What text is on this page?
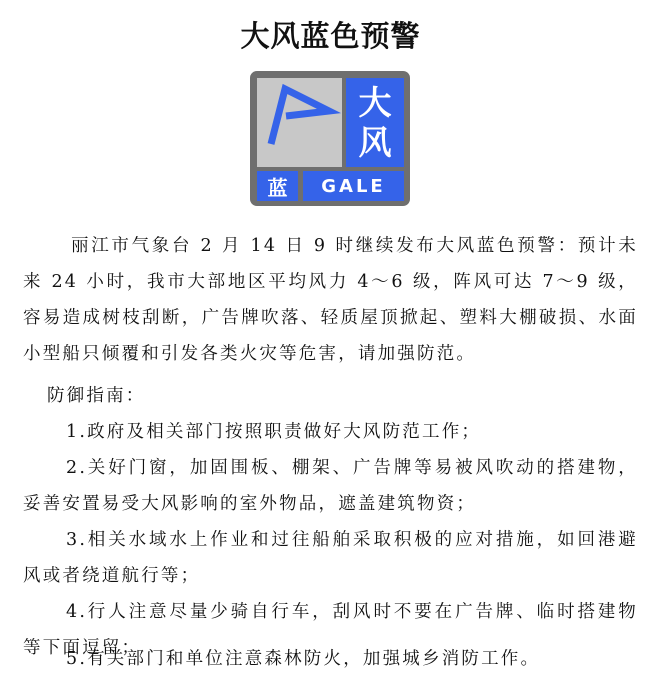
大风蓝色预警
大
风
蓝	GALE
丽江市气象台 2 月 14 日 9 时继续发布大风蓝色预警：预计未来 24 小时，我市大部地区平均风力 4～6 级，阵风可达 7～9 级，容易造成树枝刮断，广告牌吹落、轻质屋顶掀起、塑料大棚破损、水面小型船只倾覆和引发各类火灾等危害，请加强防范。
防御指南：
1.政府及相关部门按照职责做好大风防范工作；
2.关好门窗，加固围板、棚架、广告牌等易被风吹动的搭建物，妥善安置易受大风影响的室外物品，遮盖建筑物资；
3.相关水域水上作业和过往船舶采取积极的应对措施，如回港避风或者绕道航行等；
4.行人注意尽量少骑自行车，刮风时不要在广告牌、临时搭建物等下面逗留；
5.有关部门和单位注意森林防火，加强城乡消防工作。
